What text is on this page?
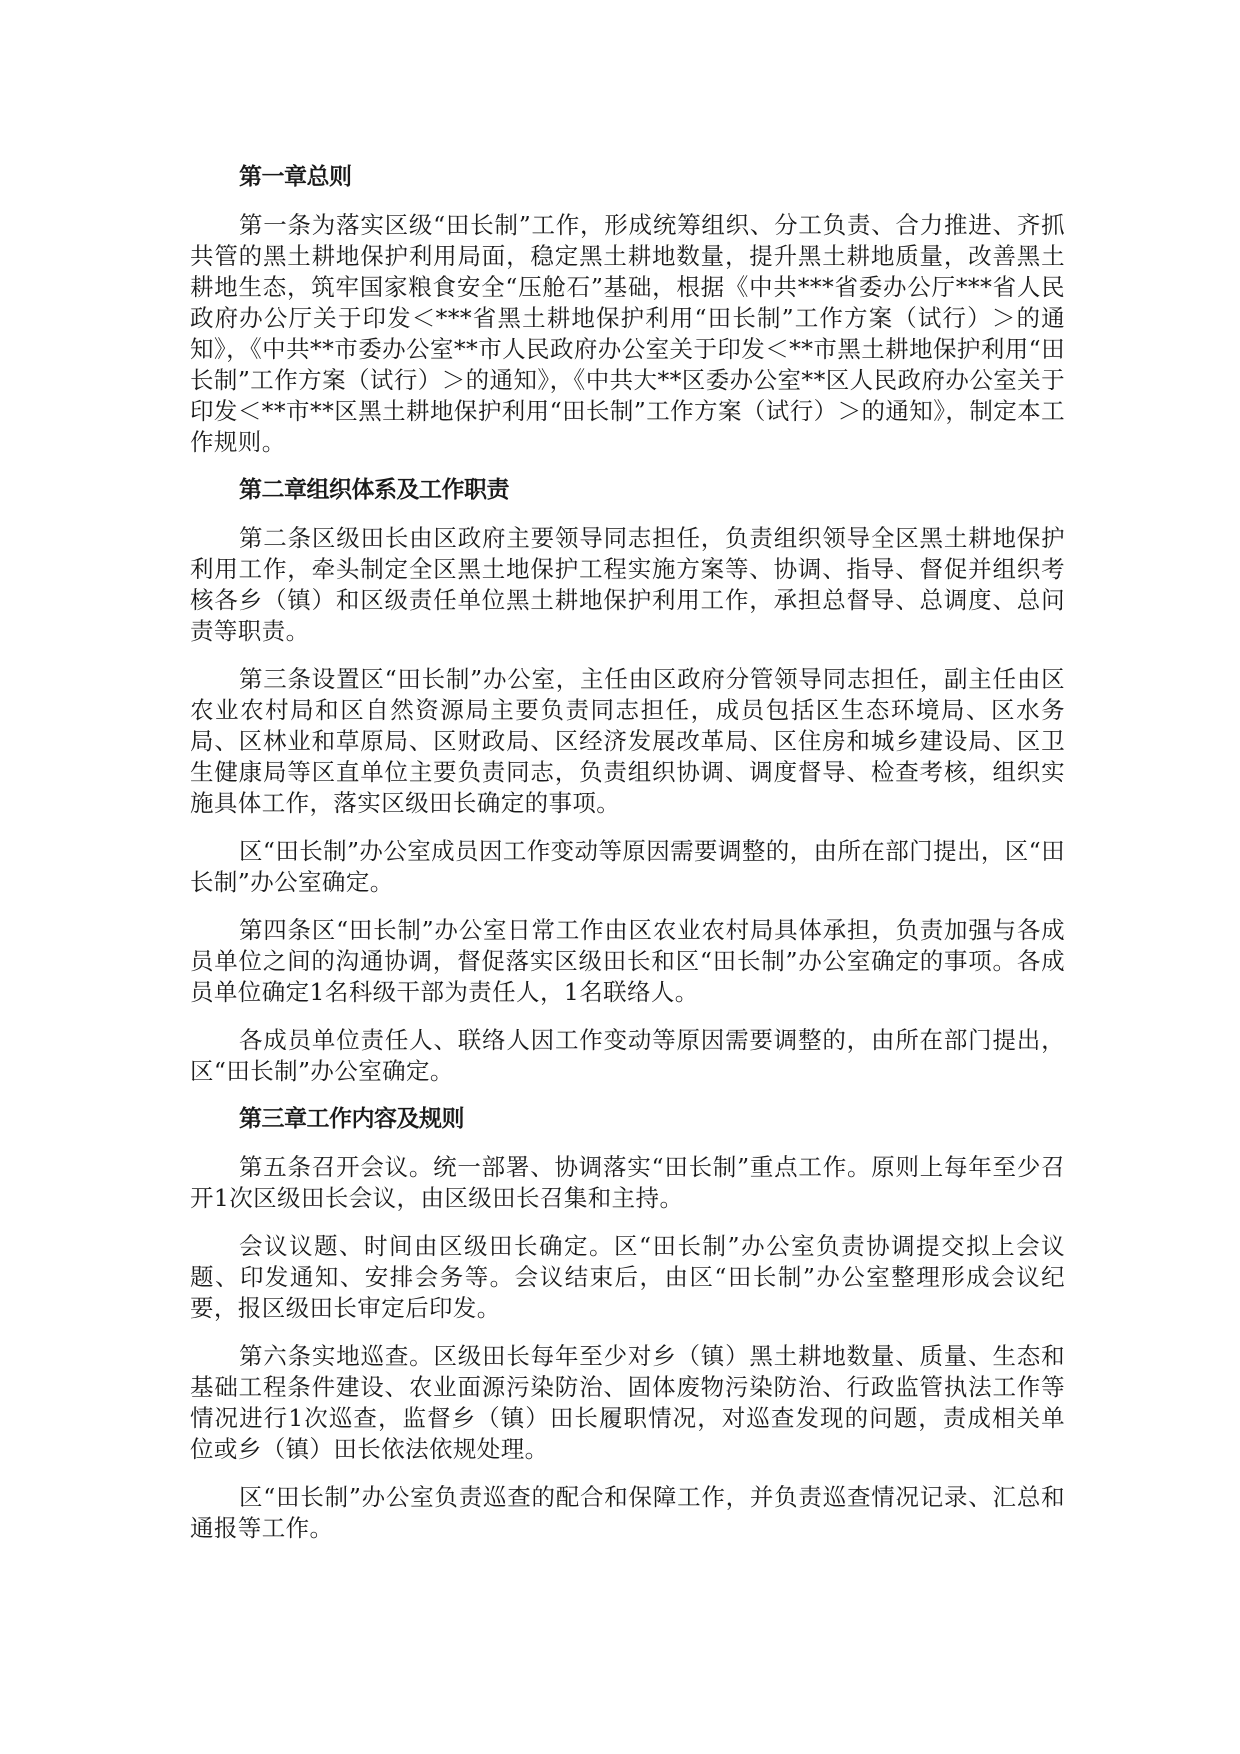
第一章总则

第一条为落实区级“田长制”工作，形成统筹组织、分工负责、合力推进、齐抓共管的黑土耕地保护利用局面，稳定黑土耕地数量，提升黑土耕地质量，改善黑土耕地生态，筑牢国家粮食安全“压舱石”基础，根据《中共***省委办公厅***省人民政府办公厅关于印发＜***省黑土耕地保护利用“田长制”工作方案（试行）＞的通知》，《中共**市委办公室**市人民政府办公室关于印发＜**市黑土耕地保护利用“田长制”工作方案（试行）＞的通知》，《中共大**区委办公室**区人民政府办公室关于印发＜**市**区黑土耕地保护利用“田长制”工作方案（试行）＞的通知》，制定本工作规则。

第二章组织体系及工作职责

第二条区级田长由区政府主要领导同志担任，负责组织领导全区黑土耕地保护利用工作，牵头制定全区黑土地保护工程实施方案等、协调、指导、督促并组织考核各乡（镇）和区级责任单位黑土耕地保护利用工作，承担总督导、总调度、总问责等职责。

第三条设置区“田长制”办公室，主任由区政府分管领导同志担任，副主任由区农业农村局和区自然资源局主要负责同志担任，成员包括区生态环境局、区水务局、区林业和草原局、区财政局、区经济发展改革局、区住房和城乡建设局、区卫生健康局等区直单位主要负责同志，负责组织协调、调度督导、检查考核，组织实施具体工作，落实区级田长确定的事项。

区“田长制”办公室成员因工作变动等原因需要调整的，由所在部门提出，区“田长制”办公室确定。

第四条区“田长制”办公室日常工作由区农业农村局具体承担，负责加强与各成员单位之间的沟通协调，督促落实区级田长和区“田长制”办公室确定的事项。各成员单位确定1名科级干部为责任人，1名联络人。

各成员单位责任人、联络人因工作变动等原因需要调整的，由所在部门提出，区“田长制”办公室确定。

第三章工作内容及规则

第五条召开会议。统一部署、协调落实“田长制”重点工作。原则上每年至少召开1次区级田长会议，由区级田长召集和主持。

会议议题、时间由区级田长确定。区“田长制”办公室负责协调提交拟上会议题、印发通知、安排会务等。会议结束后，由区“田长制”办公室整理形成会议纪要，报区级田长审定后印发。

第六条实地巡查。区级田长每年至少对乡（镇）黑土耕地数量、质量、生态和基础工程条件建设、农业面源污染防治、固体废物污染防治、行政监管执法工作等情况进行1次巡查，监督乡（镇）田长履职情况，对巡查发现的问题，责成相关单位或乡（镇）田长依法依规处理。

区“田长制”办公室负责巡查的配合和保障工作，并负责巡查情况记录、汇总和通报等工作。
